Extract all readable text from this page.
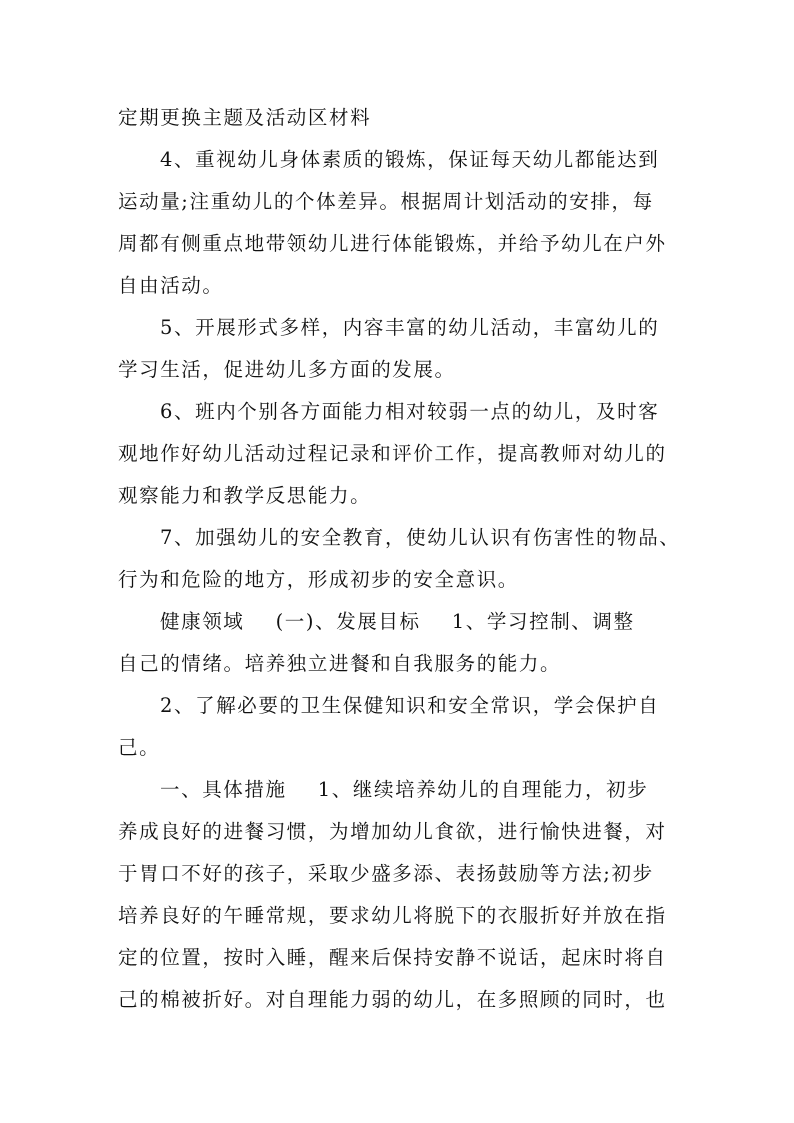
定期更换主题及活动区材料
4、重视幼儿身体素质的锻炼，保证每天幼儿都能达到
运动量;注重幼儿的个体差异。根据周计划活动的安排，每
周都有侧重点地带领幼儿进行体能锻炼，并给予幼儿在户外
自由活动。
5、开展形式多样，内容丰富的幼儿活动，丰富幼儿的
学习生活，促进幼儿多方面的发展。
6、班内个别各方面能力相对较弱一点的幼儿，及时客
观地作好幼儿活动过程记录和评价工作，提高教师对幼儿的
观察能力和教学反思能力。
7、加强幼儿的安全教育，使幼儿认识有伤害性的物品、
行为和危险的地方，形成初步的安全意识。
健康领域    (一)、发展目标    1、学习控制、调整
自己的情绪。培养独立进餐和自我服务的能力。
2、了解必要的卫生保健知识和安全常识，学会保护自
己。
一、具体措施    1、继续培养幼儿的自理能力，初步
养成良好的进餐习惯，为增加幼儿食欲，进行愉快进餐，对
于胃口不好的孩子，采取少盛多添、表扬鼓励等方法;初步
培养良好的午睡常规，要求幼儿将脱下的衣服折好并放在指
定的位置，按时入睡，醒来后保持安静不说话，起床时将自
己的棉被折好。对自理能力弱的幼儿，在多照顾的同时，也
